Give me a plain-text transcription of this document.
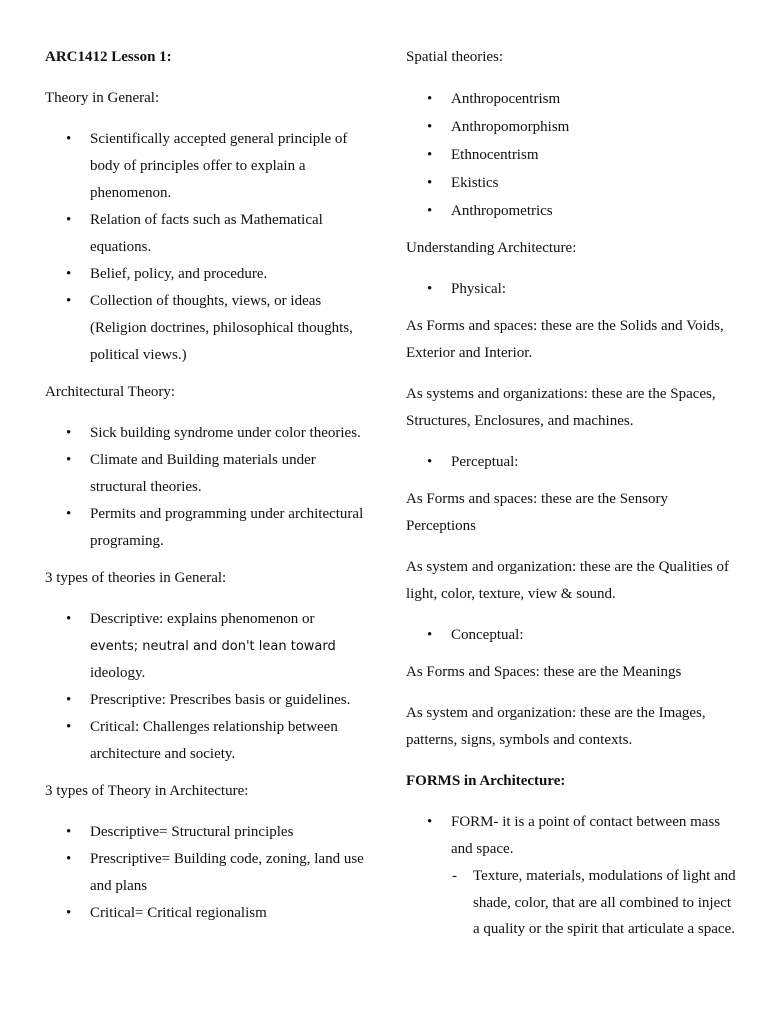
ARC1412 Lesson 1:

Theory in General:

• Scientifically accepted general principle of body of principles offer to explain a phenomenon.
• Relation of facts such as Mathematical equations.
• Belief, policy, and procedure.
• Collection of thoughts, views, or ideas (Religion doctrines, philosophical thoughts, political views.)

Architectural Theory:

• Sick building syndrome under color theories.
• Climate and Building materials under structural theories.
• Permits and programming under architectural programing.

3 types of theories in General:

• Descriptive: explains phenomenon or
events; neutral and don't lean toward
ideology.
• Prescriptive: Prescribes basis or guidelines.
• Critical: Challenges relationship between architecture and society.

3 types of Theory in Architecture:

• Descriptive= Structural principles
• Prescriptive= Building code, zoning, land use and plans
• Critical= Critical regionalism

Spatial theories:

• Anthropocentrism
• Anthropomorphism
• Ethnocentrism
• Ekistics
• Anthropometrics

Understanding Architecture:

• Physical:

As Forms and spaces: these are the Solids and Voids, Exterior and Interior.

As systems and organizations: these are the Spaces, Structures, Enclosures, and machines.

• Perceptual:

As Forms and spaces: these are the Sensory Perceptions

As system and organization: these are the Qualities of light, color, texture, view & sound.

• Conceptual:

As Forms and Spaces: these are the Meanings

As system and organization: these are the Images, patterns, signs, symbols and contexts.

FORMS in Architecture:

• FORM- it is a point of contact between mass and space.
- Texture, materials, modulations of light and shade, color, that are all combined to inject a quality or the spirit that articulate a space.
